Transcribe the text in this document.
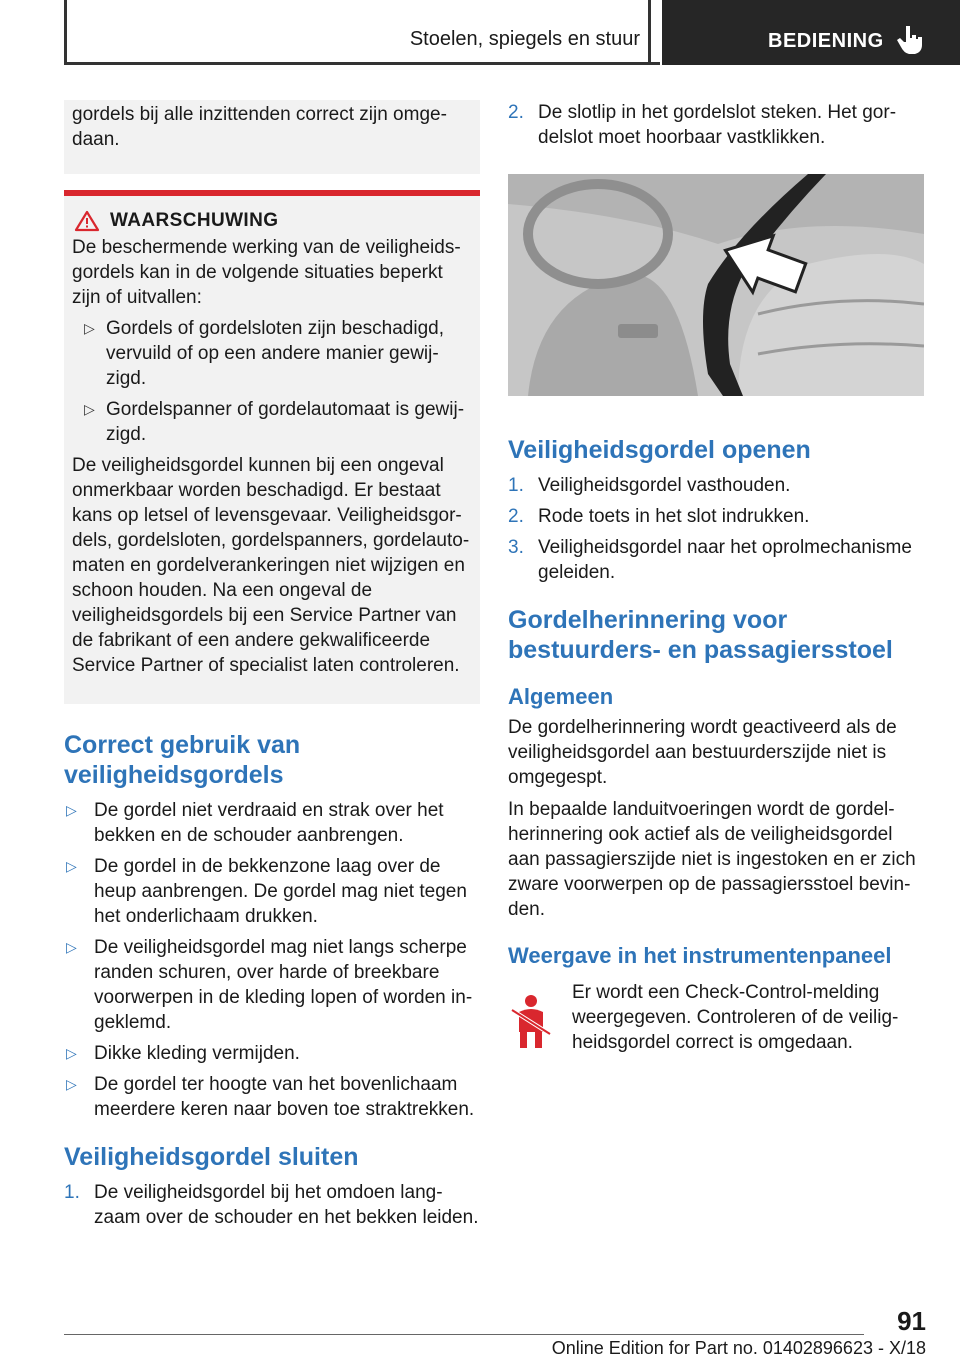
Stoelen, spiegels en stuur	BEDIENING

gordels bij alle inzittenden correct zijn omgedaan.

WAARSCHUWING

De beschermende werking van de veiligheidsgordels kan in de volgende situaties beperkt zijn of uitvallen:

▷ Gordels of gordelsloten zijn beschadigd, vervuild of op een andere manier gewijzigd.
▷ Gordelspanner of gordelautomaat is gewijzigd.

De veiligheidsgordel kunnen bij een ongeval onmerkbaar worden beschadigd. Er bestaat kans op letsel of levensgevaar. Veiligheidsgordels, gordelsloten, gordelspanners, gordelautomaten en gordelverankeringen niet wijzigen en schoon houden. Na een ongeval de veiligheidsgordels bij een Service Partner van de fabrikant of een andere gekwalificeerde Service Partner of specialist laten controleren.

Correct gebruik van veiligheidsgordels
▷ De gordel niet verdraaid en strak over het bekken en de schouder aanbrengen.
▷ De gordel in de bekkenzone laag over de heup aanbrengen. De gordel mag niet tegen het onderlichaam drukken.
▷ De veiligheidsgordel mag niet langs scherpe randen schuren, over harde of breekbare voorwerpen in de kleding lopen of worden ingeklemd.
▷ Dikke kleding vermijden.
▷ De gordel ter hoogte van het bovenlichaam meerdere keren naar boven toe straktrekken.
Veiligheidsgordel sluiten
1. De veiligheidsgordel bij het omdoen langzaam over de schouder en het bekken leiden.
2. De slotlip in het gordelslot steken. Het gordelslot moet hoorbaar vastklikken.
Veiligheidsgordel openen
1. Veiligheidsgordel vasthouden.
2. Rode toets in het slot indrukken.
3. Veiligheidsgordel naar het oprolmechanisme geleiden.
Gordelherinnering voor bestuurders- en passagiersstoel
Algemeen

De gordelherinnering wordt geactiveerd als de veiligheidsgordel aan bestuurderszijde niet is omgegespt.

In bepaalde landuitvoeringen wordt de gordelherinnering ook actief als de veiligheidsgordel aan passagierszijde niet is ingestoken en er zich zware voorwerpen op de passagiersstoel bevinden.

Weergave in het instrumentenpaneel
Er wordt een Check-Control-melding weergegeven. Controleren of de veiligheidsgordel correct is omgedaan.
91
Online Edition for Part no. 01402896623 - X/18
